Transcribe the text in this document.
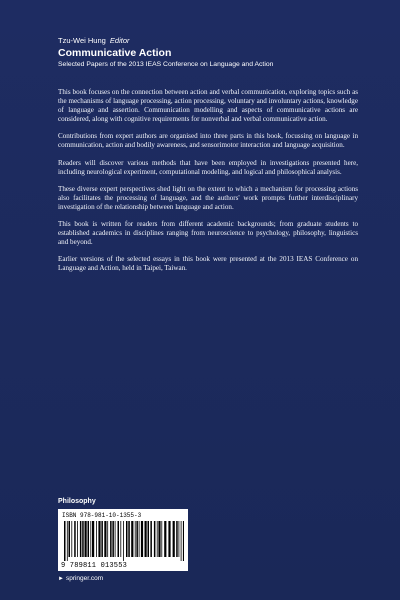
Tzu-Wei Hung Editor
Communicative Action
Selected Papers of the 2013 IEAS Conference on Language and Action

This book focuses on the connection between action and verbal communication, exploring topics such as the mechanisms of language processing, action processing, voluntary and involuntary actions, knowledge of language and assertion. Communication modelling and aspects of communicative actions are considered, along with cognitive requirements for nonverbal and verbal communicative action.

Contributions from expert authors are organised into three parts in this book, focussing on language in communication, action and bodily awareness, and sensorimotor interaction and language acquisition.

Readers will discover various methods that have been employed in investigations presented here, including neurological experiment, computational modeling, and logical and philosophical analysis.

These diverse expert perspectives shed light on the extent to which a mechanism for processing actions also facilitates the processing of language, and the authors' work prompts further interdisciplinary investigation of the relationship between language and action.

This book is written for readers from different academic backgrounds; from graduate students to established academics in disciplines ranging from neuroscience to psychology, philosophy, linguistics and beyond.

Earlier versions of the selected essays in this book were presented at the 2013 IEAS Conference on Language and Action, held in Taipei, Taiwan.

Philosophy
ISBN 978-981-10-1355-3
9 789811 013553
► springer.com
